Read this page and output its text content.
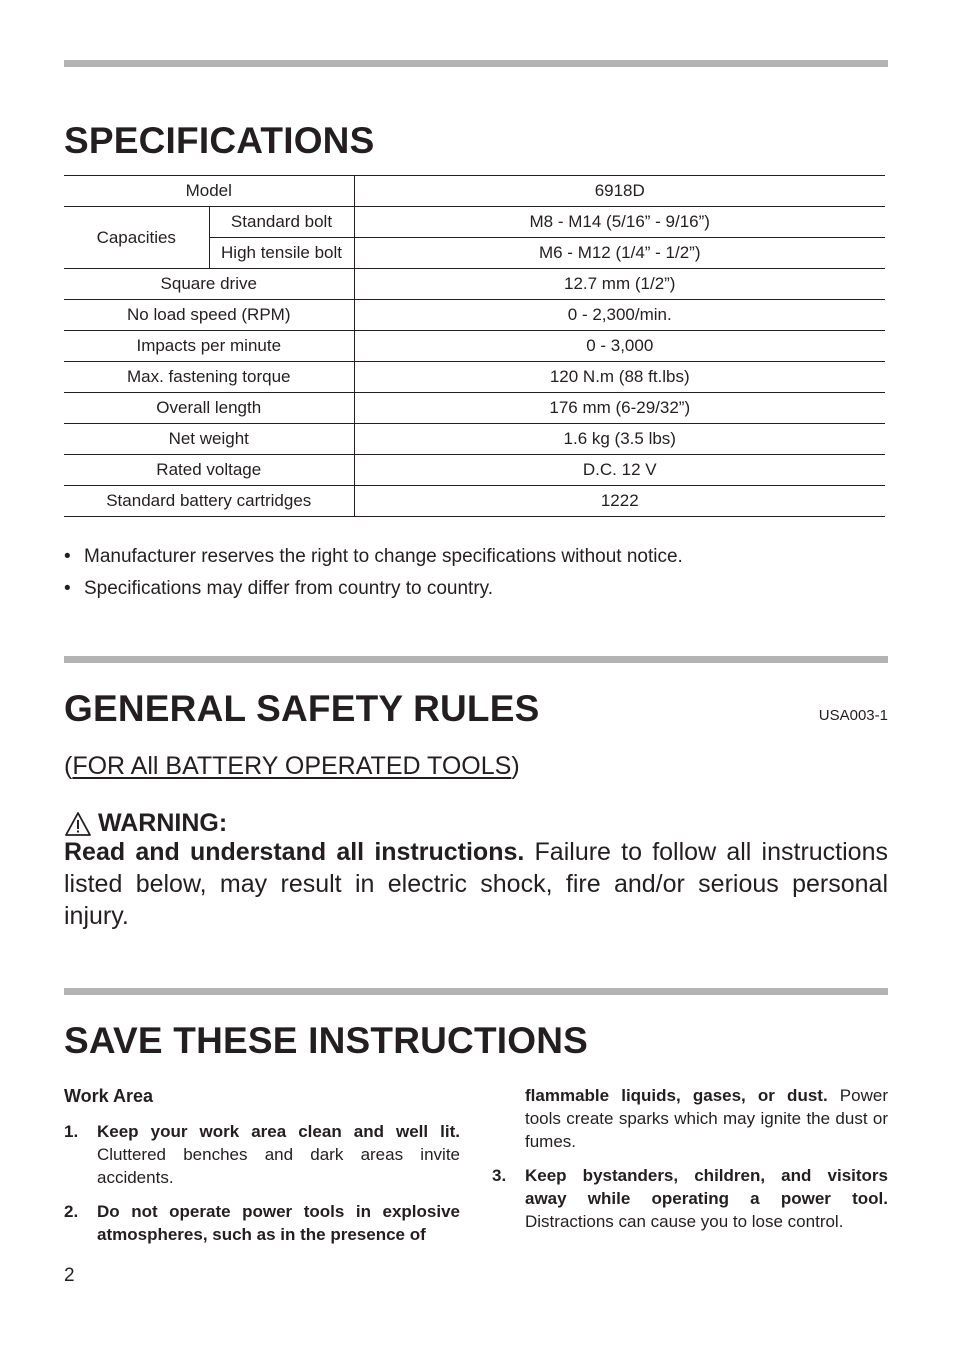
SPECIFICATIONS
Model		6918D
Capacities	Standard bolt	M8 - M14 (5/16” - 9/16”)
	High tensile bolt	M6 - M12 (1/4” - 1/2”)
Square drive		12.7 mm (1/2”)
No load speed (RPM)		0 - 2,300/min.
Impacts per minute		0 - 3,000
Max. fastening torque		120 N.m (88 ft.lbs)
Overall length		176 mm (6-29/32”)
Net weight		1.6 kg (3.5 lbs)
Rated voltage		D.C. 12 V
Standard battery cartridges		1222
• Manufacturer reserves the right to change specifications without notice.
• Specifications may differ from country to country.
GENERAL SAFETY RULES	USA003-1
(FOR All BATTERY OPERATED TOOLS)
WARNING:

Read and understand all instructions. Failure to follow all instructions listed below, may result in electric shock, fire and/or serious personal injury.

SAVE THESE INSTRUCTIONS
Work Area
1. Keep your work area clean and well lit. Cluttered benches and dark areas invite accidents.
2. Do not operate power tools in explosive atmospheres, such as in the presence of
flammable liquids, gases, or dust. Power tools create sparks which may ignite the dust or fumes.
3. Keep bystanders, children, and visitors away while operating a power tool. Distractions can cause you to lose control.
2
